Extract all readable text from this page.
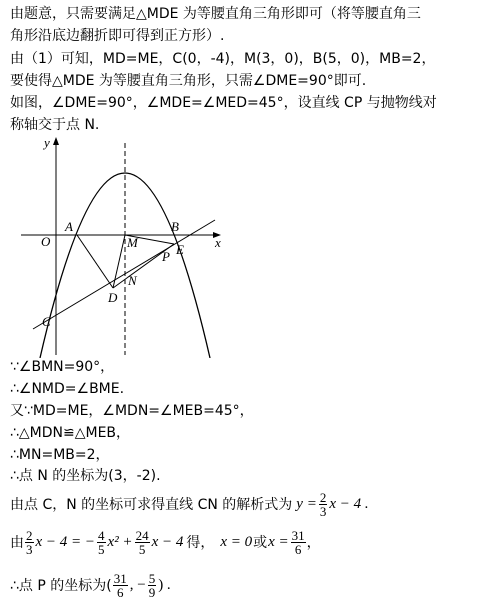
由题意，只需要满足△MDE 为等腰直角三角形即可（将等腰直角三
角形沿底边翻折即可得到正方形）.
由（1）可知，MD=ME，C(0，-4)，M(3，0)，B(5，0)，MB=2，
要使得△MDE 为等腰直角三角形，只需∠DME=90°即可.
如图，∠DME=90°，∠MDE=∠MED=45°，设直线 CP 与抛物线对
称轴交于点 N.
y
x
O
A	B
M	E
P
N
D
C
∵∠BMN=90°，
∴∠NMD=∠BME.
又∵MD=ME，∠MDN=∠MEB=45°，
∴△MDN≌△MEB，
∴MN=MB=2，
∴点 N 的坐标为(3，-2).
由点 C，N 的坐标可求得直线 CN 的解析式为 $y = \frac{2}{3}$ x − 4 .
由 $\frac{2}{3}$ x − 4 = − $\frac{4}{5} x^2 + \frac{24}{5}$ x − 4 得， x = 0 或 $x = \frac{31}{6}$ ，
∴点 P 的坐标为( $\frac{31}{6}$ , − $\frac{5}{9}$ ) .
